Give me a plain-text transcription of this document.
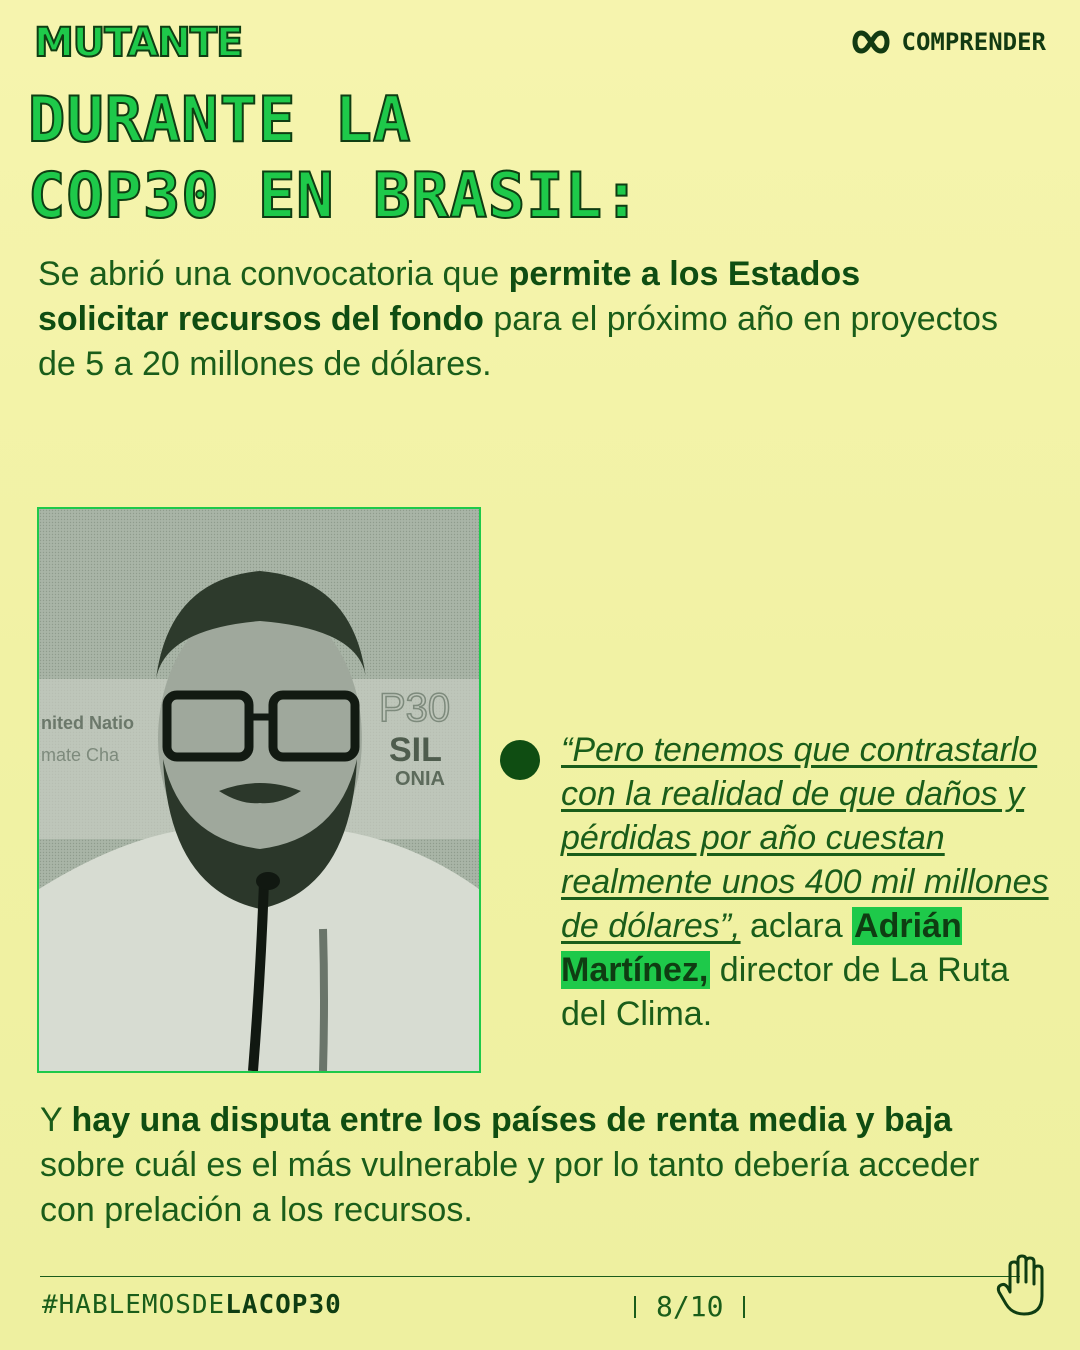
MUTANTE	COMPRENDER
DURANTE LA
COP30 EN BRASIL:

Se abrió una convocatoria que permite a los Estados solicitar recursos del fondo para el próximo año en proyectos de 5 a 20 millones de dólares.

nited Natio
mate Cha
P30
SIL
ONIA

“Pero tenemos que contrastarlo con la realidad de que daños y pérdidas por año cuestan realmente unos 400 mil millones de dólares”, aclara Adrián Martínez, director de La Ruta del Clima.

Y hay una disputa entre los países de renta media y baja sobre cuál es el más vulnerable y por lo tanto debería acceder con prelación a los recursos.

#HABLEMOSDELACOP30	8/10
